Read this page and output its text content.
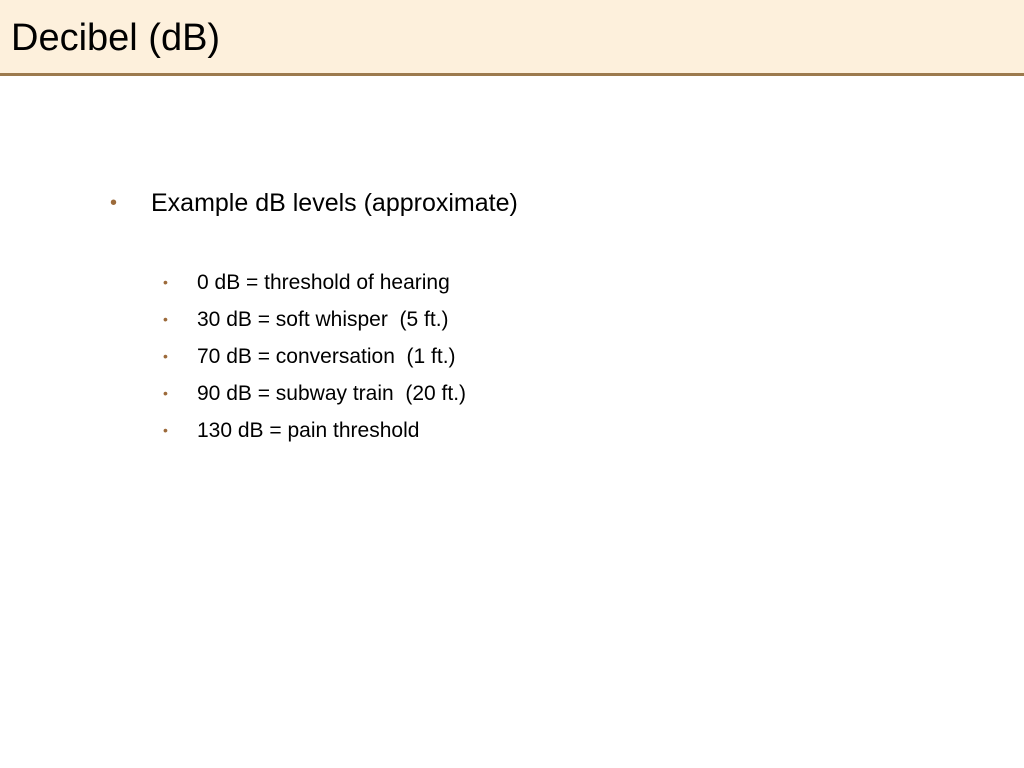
Decibel (dB)
•	Example dB levels (approximate)
•	0 dB = threshold of hearing
•	30 dB = soft whisper  (5 ft.)
•	70 dB = conversation  (1 ft.)
•	90 dB = subway train  (20 ft.)
•	130 dB = pain threshold
